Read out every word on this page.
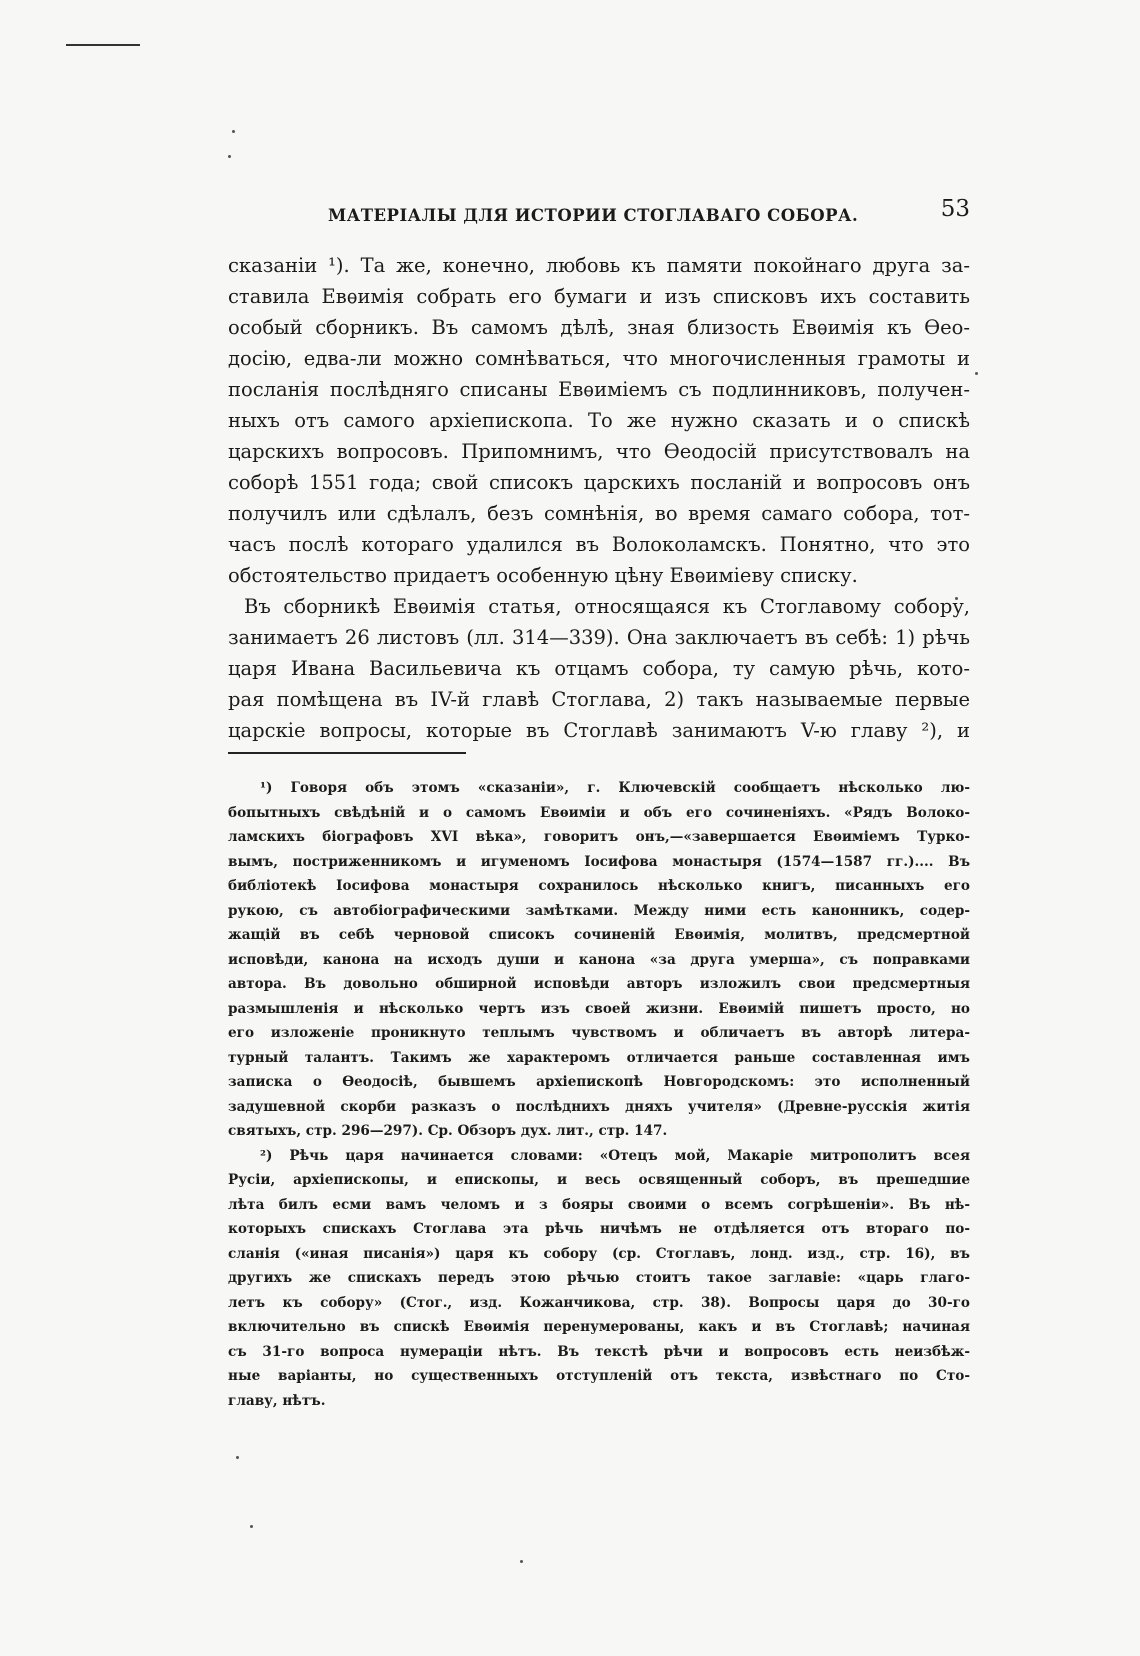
МАТЕРІАЛЫ ДЛЯ ИСТОРИИ СТОГЛАВАГО СОБОРА.	53
сказаніи ¹). Та же, конечно, любовь къ памяти покойнаго друга за-
ставила Евѳимія собрать его бумаги и изъ списковъ ихъ составить
особый сборникъ. Въ самомъ дѣлѣ, зная близость Евѳимія къ Ѳео-
досію, едва-ли можно сомнѣваться, что многочисленныя грамоты и
посланія послѣдняго списаны Евѳиміемъ съ подлинниковъ, получен-
ныхъ отъ самого архіепископа. То же нужно сказать и о спискѣ
царскихъ вопросовъ. Припомнимъ, что Ѳеодосій присутствовалъ на
соборѣ 1551 года; свой списокъ царскихъ посланій и вопросовъ онъ
получилъ или сдѣлалъ, безъ сомнѣнія, во время самаго собора, тот-
часъ послѣ котораго удалился въ Волоколамскъ. Понятно, что это
обстоятельство придаетъ особенную цѣну Евѳиміеву списку.
Въ сборникѣ Евѳимія статья, относящаяся къ Стоглавому собору,
занимаетъ 26 листовъ (лл. 314—339). Она заключаетъ въ себѣ: 1) рѣчь
царя Ивана Васильевича къ отцамъ собора, ту самую рѣчь, кото-
рая помѣщена въ IV-й главѣ Стоглава, 2) такъ называемые первые
царскіе вопросы, которые въ Стоглавѣ занимаютъ V-ю главу ²), и
¹) Говоря объ этомъ «сказаніи», г. Ключевскій сообщаетъ нѣсколько лю-
бопытныхъ свѣдѣній и о самомъ Евѳиміи и объ его сочиненіяхъ. «Рядъ Волоко-
ламскихъ біографовъ XVI вѣка», говоритъ онъ,—«завершается Евѳиміемъ Турко-
вымъ, постриженникомъ и игуменомъ Іосифова монастыря (1574—1587 гг.).... Въ
библіотекѣ Іосифова монастыря сохранилось нѣсколько книгъ, писанныхъ его
рукою, съ автобіографическими замѣтками. Между ними есть канонникъ, содер-
жащій въ себѣ черновой списокъ сочиненій Евѳимія, молитвъ, предсмертной
исповѣди, канона на исходъ души и канона «за друга умерша», съ поправками
автора. Въ довольно обширной исповѣди авторъ изложилъ свои предсмертныя
размышленія и нѣсколько чертъ изъ своей жизни. Евѳимій пишетъ просто, но
его изложеніе проникнуто теплымъ чувствомъ и обличаетъ въ авторѣ литера-
турный талантъ. Такимъ же характеромъ отличается раньше составленная имъ
записка о Ѳеодосіѣ, бывшемъ архіепископѣ Новгородскомъ: это исполненный
задушевной скорби разказъ о послѣднихъ дняхъ учителя» (Древне-русскія житія
святыхъ, стр. 296—297). Ср. Обзоръ дух. лит., стр. 147.
²) Рѣчь царя начинается словами: «Отецъ мой, Макаріе митрополитъ всея
Русіи, архіепископы, и епископы, и весь освященный соборъ, въ прешедшие
лѣта билъ есми вамъ челомъ и з бояры своими о всемъ согрѣшеніи». Въ нѣ-
которыхъ спискахъ Стоглава эта рѣчь ничѣмъ не отдѣляется отъ втораго по-
сланія («иная писанія») царя къ собору (ср. Стоглавъ, лонд. изд., стр. 16), въ
другихъ же спискахъ передъ этою рѣчью стоитъ такое заглавіе: «царь глаго-
летъ къ собору» (Стог., изд. Кожанчикова, стр. 38). Вопросы царя до 30-го
включительно въ спискѣ Евѳимія перенумерованы, какъ и въ Стоглавѣ; начиная
съ 31-го вопроса нумераціи нѣтъ. Въ текстѣ рѣчи и вопросовъ есть неизбѣж-
ные варіанты, но существенныхъ отступленій отъ текста, извѣстнаго по Сто-
главу, нѣтъ.
